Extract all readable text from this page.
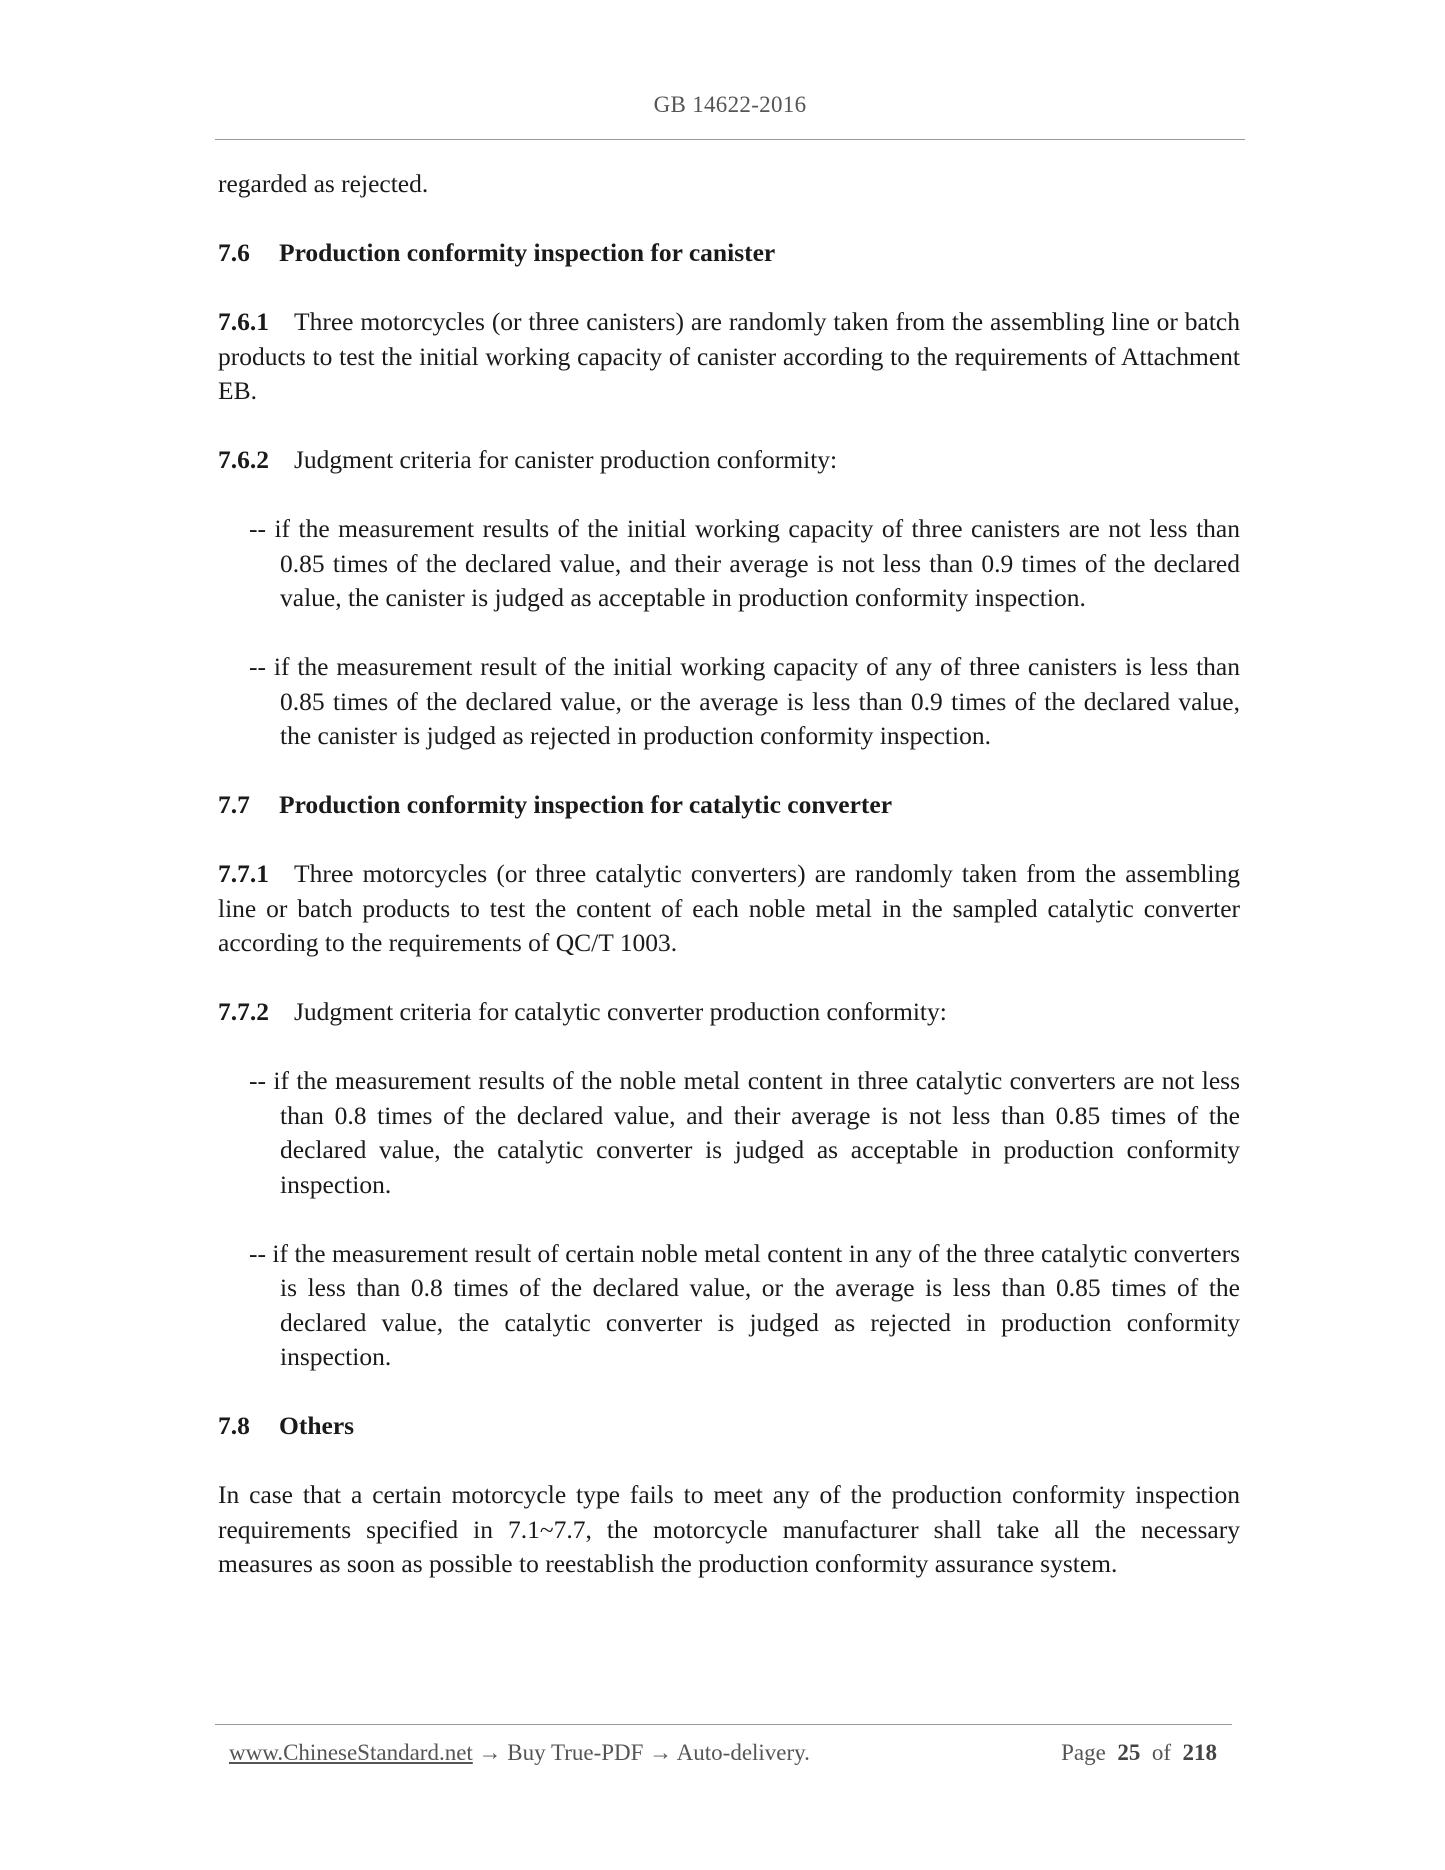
GB 14622-2016

regarded as rejected.

7.6 Production conformity inspection for canister

7.6.1 Three motorcycles (or three canisters) are randomly taken from the assembling line or batch products to test the initial working capacity of canister according to the requirements of Attachment EB.

7.6.2 Judgment criteria for canister production conformity:

-- if the measurement results of the initial working capacity of three canisters are not less than 0.85 times of the declared value, and their average is not less than 0.9 times of the declared value, the canister is judged as acceptable in production conformity inspection.

-- if the measurement result of the initial working capacity of any of three canisters is less than 0.85 times of the declared value, or the average is less than 0.9 times of the declared value, the canister is judged as rejected in production conformity inspection.

7.7 Production conformity inspection for catalytic converter

7.7.1 Three motorcycles (or three catalytic converters) are randomly taken from the assembling line or batch products to test the content of each noble metal in the sampled catalytic converter according to the requirements of QC/T 1003.

7.7.2 Judgment criteria for catalytic converter production conformity:

-- if the measurement results of the noble metal content in three catalytic converters are not less than 0.8 times of the declared value, and their average is not less than 0.85 times of the declared value, the catalytic converter is judged as acceptable in production conformity inspection.

-- if the measurement result of certain noble metal content in any of the three catalytic converters is less than 0.8 times of the declared value, or the average is less than 0.85 times of the declared value, the catalytic converter is judged as rejected in production conformity inspection.

7.8 Others

In case that a certain motorcycle type fails to meet any of the production conformity inspection requirements specified in 7.1~7.7, the motorcycle manufacturer shall take all the necessary measures as soon as possible to reestablish the production conformity assurance system.

www.ChineseStandard.net → Buy True-PDF → Auto-delivery.	Page 25 of 218
